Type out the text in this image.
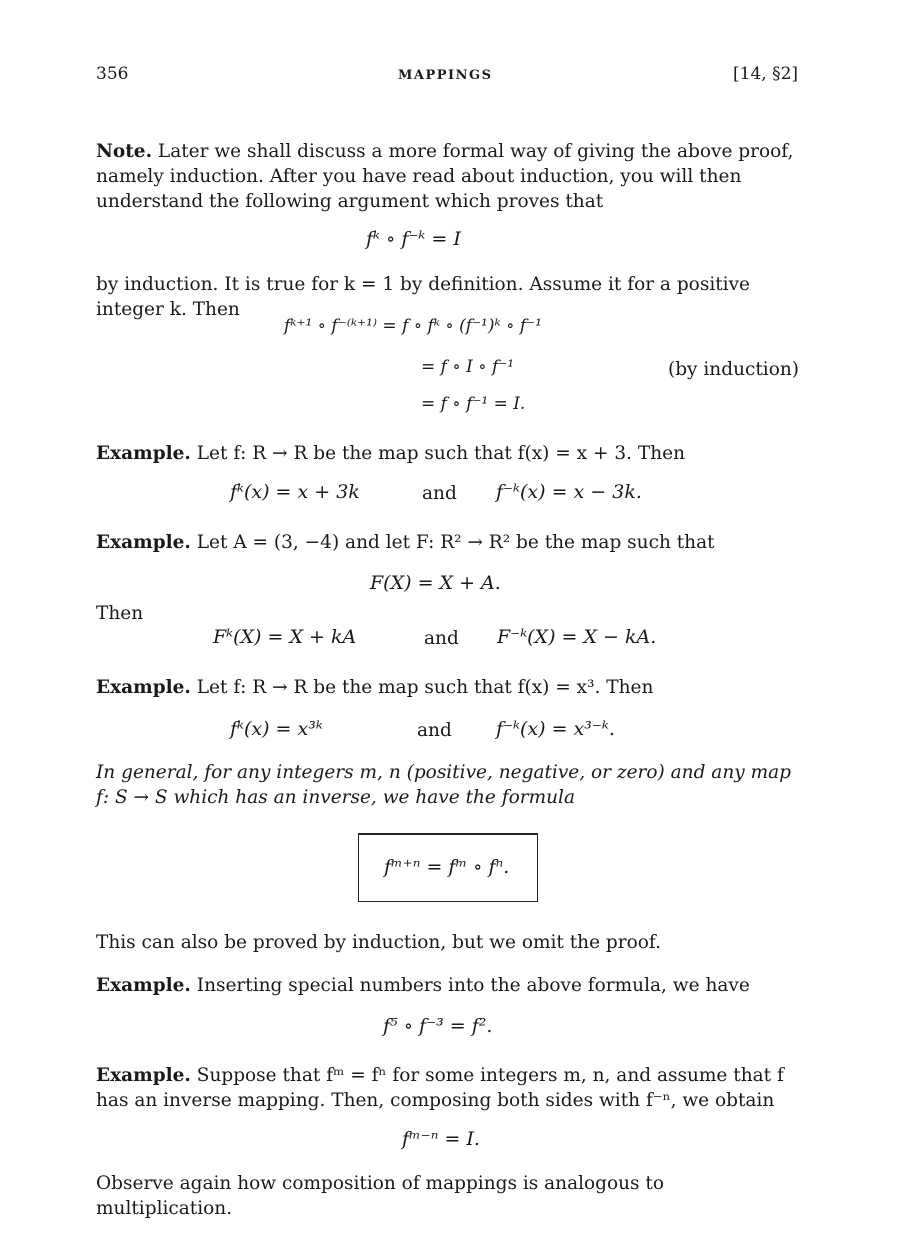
356	MAPPINGS	[14, §2]
Note. Later we shall discuss a more formal way of giving the above proof, namely induction. After you have read about induction, you will then understand the following argument which proves that
fᵏ ∘ f⁻ᵏ = I
by induction. It is true for k = 1 by definition. Assume it for a positive integer k. Then
fᵏ⁺¹ ∘ f⁻⁽ᵏ⁺¹⁾ = f ∘ fᵏ ∘ (f⁻¹)ᵏ ∘ f⁻¹
= f ∘ I ∘ f⁻¹	(by induction)
= f ∘ f⁻¹ = I.
Example. Let f: R → R be the map such that f(x) = x + 3. Then
fᵏ(x) = x + 3k	and f⁻ᵏ(x) = x − 3k.
Example. Let A = (3, −4) and let F: R² → R² be the map such that
F(X) = X + A.
Then
Fᵏ(X) = X + kA	and F⁻ᵏ(X) = X − kA.
Example. Let f: R → R be the map such that f(x) = x³. Then
fᵏ(x) = x³ᵏ	and f⁻ᵏ(x) = x³⁻ᵏ.
In general, for any integers m, n (positive, negative, or zero) and any map f: S → S which has an inverse, we have the formula
fᵐ⁺ⁿ = fᵐ ∘ fⁿ.
This can also be proved by induction, but we omit the proof.
Example. Inserting special numbers into the above formula, we have
f⁵ ∘ f⁻³ = f².
Example. Suppose that fᵐ = fⁿ for some integers m, n, and assume that f has an inverse mapping. Then, composing both sides with f⁻ⁿ, we obtain
fᵐ⁻ⁿ = I.
Observe again how composition of mappings is analogous to multiplication.
